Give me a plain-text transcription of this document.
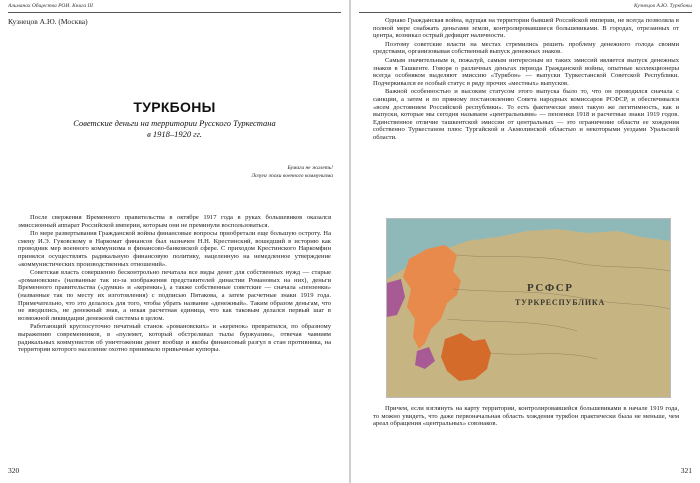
Альманах Общества РОИ. Книга III
Кузнецов А.Ю. (Москва)
ТУРКБОНЫ
Советские деньги на территории Русского Туркестана
в 1918–1920 гг.
Бумаги не жалеть!
Лозунг эпохи военного коммунизма

После свержения Временного правительства в октябре 1917 года в руках большевиков оказался эмиссионный аппарат Российской империи, которым они не преминули воспользоваться.

По мере развертывания Гражданской войны финансовые вопросы приобретали еще большую остроту. На смену И.Э. Гуковскому в Наркомат финансов был назначен Н.Н. Крестинский, вошедший в историю как проводник мер военного коммунизма в финансово-банковской сфере. С приходом Крестинского Наркомфин принялся осуществлять радикальную финансовую политику, нацеленную на немедленное утверждение «коммунистических производственных отношений».

Советская власть совершенно бесконтрольно печатала все виды денег для собственных нужд — старые «романовские» (названные так из-за изображения представителей династии Романовых на них), деньги Временного правительства («думки» и «керенки»), а также собственные советские — сначала «пензенки» (названные так по месту их изготовления) с подписью Пятакова, а затем расчетные знаки 1919 года. Примечательно, что это делалось для того, чтобы убрать название «денежный». Таким образом деньгам, что не вводились, не денежный знак, а некая расчетная единица, что как таковым делался первый шаг в возможной ликвидации денежной системы в целом.

Работающий круглосуточно печатный станок «романовских» и «керенок» превратился, по образному выражению современников, в «пулемет, который обстреливал тылы буржуазии», отвечая чаяниям радикальных коммунистов об уничтожении денег вообще и якобы финансовый разгул в стан противника, на территории которого население охотно принимало привычные купюры.

320
Кузнецов А.Ю. Туркбоны

Однако Гражданская война, идущая на территории бывшей Российской империи, не всегда позволяла в полной мере снабжать деньгами земли, контролировавшиеся большевиками. В городах, отрезанных от центра, возникал острый дефицит наличности.

Поэтому советские власти на местах стремились решить проблему денежного голода своими средствами, организовывая собственный выпуск денежных знаков.

Самым значительным и, пожалуй, самым интересным из таких эмиссий является выпуск денежных знаков в Ташкенте. Говоря о различных деньгах периода Гражданской войны, опытные коллекционеры всегда особняком выделяют эмиссию «Туркбон» — выпуски Туркестанской Советской Республики. Подчеркивался ее особый статус в ряду прочих «местных» выпусков.

Важной особенностью и высоким статусом этого выпуска было то, что он проводился сначала с санкции, а затем и по прямому постановлению Совета народных комиссаров РСФСР, и обеспечивался «всем достоянием Российской республики». То есть фактически имел такую же легитимность, как и выпуски, которые мы сегодня называем «центральными» — пензенки 1918 и расчетные знаки 1919 годов. Единственное отличие ташкентской эмиссии от центральных — это ограничение области ее хождения собственно Туркестаном плюс Тургайской и Акмолинской областью и некоторыми уездами Уральской области.

РСФСР
ТУРКРЕСПУБЛИКА

Причем, если взглянуть на карту территории, контролировавшейся большевиками в начале 1919 года, то можно увидеть, что даже первоначальная область хождения туркбон практически была не меньше, чем ареал обращения «центральных» совзнаков.

321
